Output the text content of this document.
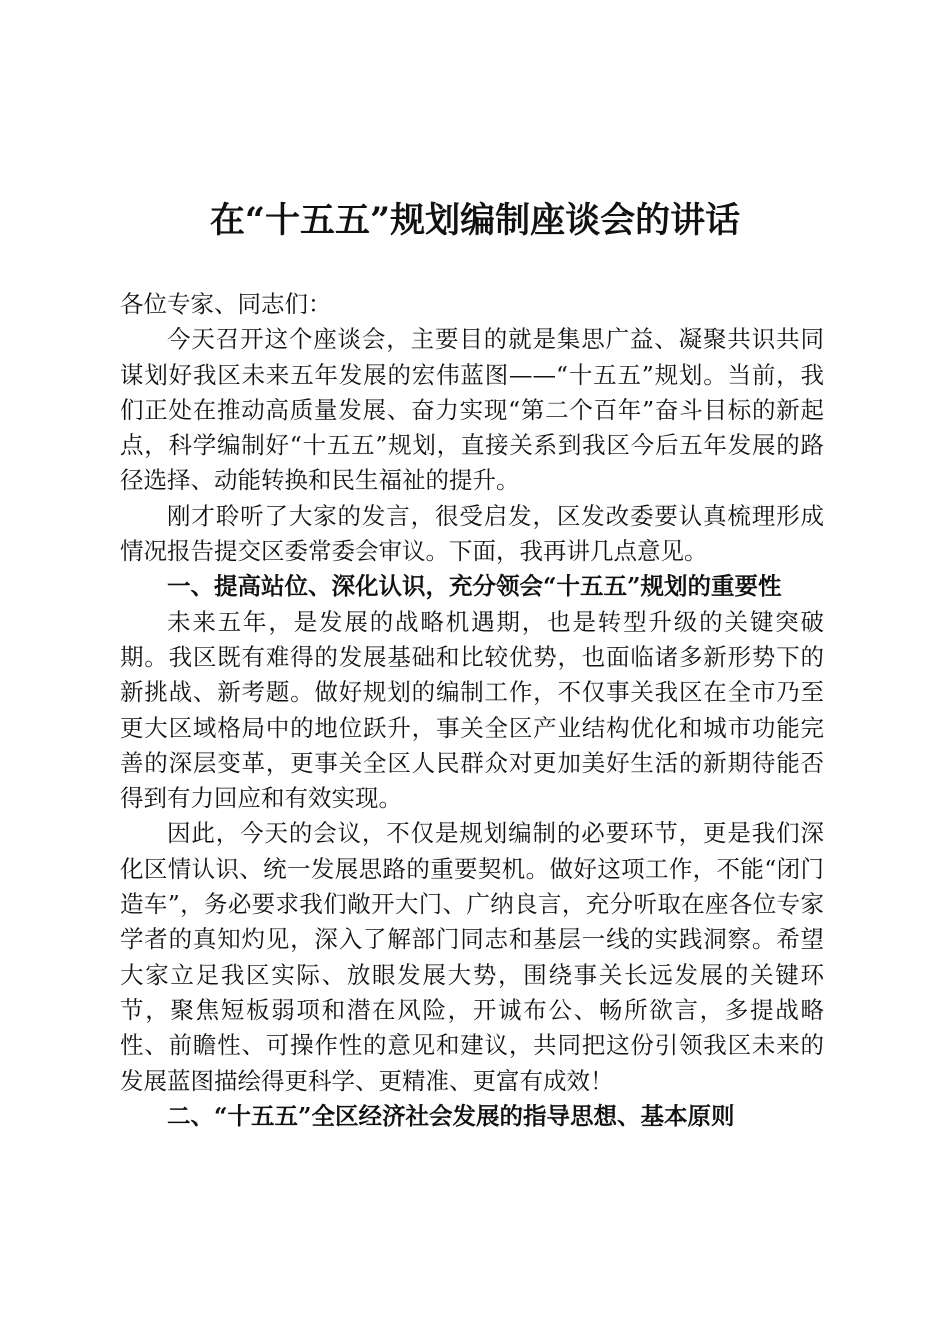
在“十五五”规划编制座谈会的讲话

各位专家、同志们：

今天召开这个座谈会，主要目的就是集思广益、凝聚共识共同谋划好我区未来五年发展的宏伟蓝图——“十五五”规划。当前，我们正处在推动高质量发展、奋力实现“第二个百年”奋斗目标的新起点，科学编制好“十五五”规划，直接关系到我区今后五年发展的路径选择、动能转换和民生福祉的提升。

刚才聆听了大家的发言，很受启发，区发改委要认真梳理形成情况报告提交区委常委会审议。下面，我再讲几点意见。

一、提高站位、深化认识，充分领会“十五五”规划的重要性

未来五年，是发展的战略机遇期，也是转型升级的关键突破期。我区既有难得的发展基础和比较优势，也面临诸多新形势下的新挑战、新考题。做好规划的编制工作，不仅事关我区在全市乃至更大区域格局中的地位跃升，事关全区产业结构优化和城市功能完善的深层变革，更事关全区人民群众对更加美好生活的新期待能否得到有力回应和有效实现。

因此，今天的会议，不仅是规划编制的必要环节，更是我们深化区情认识、统一发展思路的重要契机。做好这项工作，不能“闭门造车”，务必要求我们敞开大门、广纳良言，充分听取在座各位专家学者的真知灼见，深入了解部门同志和基层一线的实践洞察。希望大家立足我区实际、放眼发展大势，围绕事关长远发展的关键环节，聚焦短板弱项和潜在风险，开诚布公、畅所欲言，多提战略性、前瞻性、可操作性的意见和建议，共同把这份引领我区未来的发展蓝图描绘得更科学、更精准、更富有成效！

二、“十五五”全区经济社会发展的指导思想、基本原则
